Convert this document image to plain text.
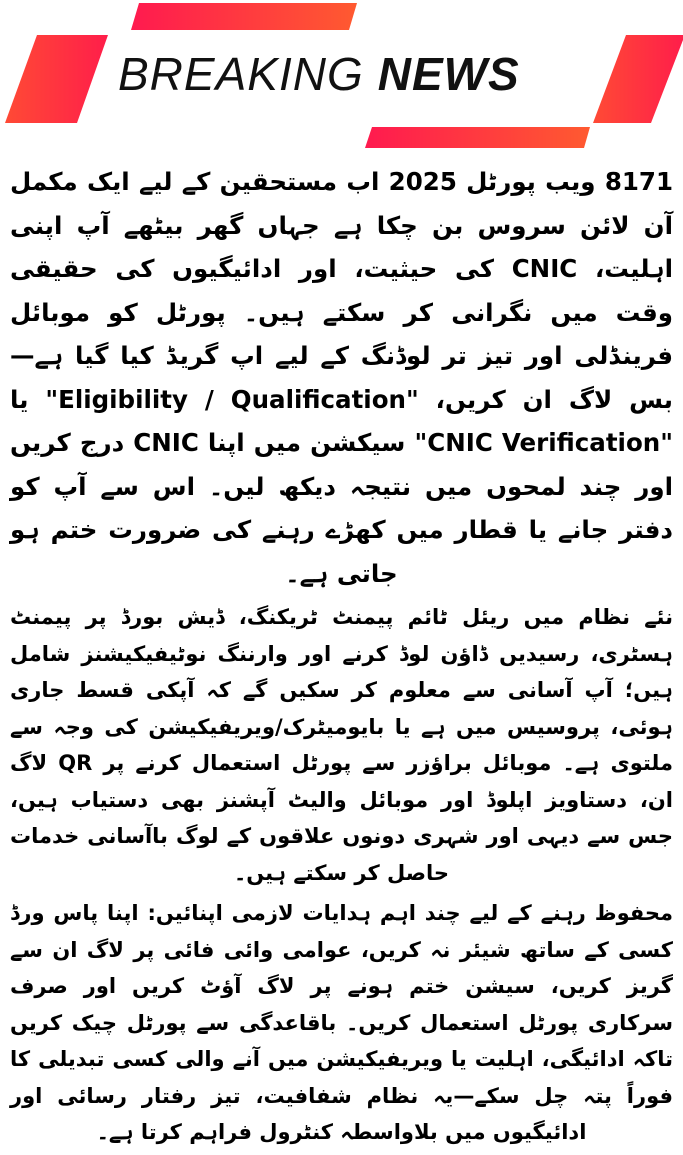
BREAKING NEWS

8171 ویب پورٹل 2025 اب مستحقین کے لیے ایک مکمل آن لائن سروس بن چکا ہے جہاں گھر بیٹھے آپ اپنی اہلیت، CNIC کی حیثیت، اور ادائیگیوں کی حقیقی وقت میں نگرانی کر سکتے ہیں۔ پورٹل کو موبائل فرینڈلی اور تیز تر لوڈنگ کے لیے اپ گریڈ کیا گیا ہے—بس لاگ ان کریں، "Eligibility / Qualification" یا "CNIC Verification" سیکشن میں اپنا CNIC درج کریں اور چند لمحوں میں نتیجہ دیکھ لیں۔ اس سے آپ کو دفتر جانے یا قطار میں کھڑے رہنے کی ضرورت ختم ہو جاتی ہے۔

نئے نظام میں ریئل ٹائم پیمنٹ ٹریکنگ، ڈیش بورڈ پر پیمنٹ ہسٹری، رسیدیں ڈاؤن لوڈ کرنے اور وارننگ نوٹیفیکیشنز شامل ہیں؛ آپ آسانی سے معلوم کر سکیں گے کہ آپکی قسط جاری ہوئی، پروسیس میں ہے یا بایومیٹرک/ویریفیکیشن کی وجہ سے ملتوی ہے۔ موبائل براؤزر سے پورٹل استعمال کرنے پر QR لاگ ان، دستاویز اپلوڈ اور موبائل والیٹ آپشنز بھی دستیاب ہیں، جس سے دیہی اور شہری دونوں علاقوں کے لوگ باآسانی خدمات حاصل کر سکتے ہیں۔

محفوظ رہنے کے لیے چند اہم ہدایات لازمی اپنائیں: اپنا پاس ورڈ کسی کے ساتھ شیئر نہ کریں، عوامی وائی فائی پر لاگ ان سے گریز کریں، سیشن ختم ہونے پر لاگ آؤٹ کریں اور صرف سرکاری پورٹل استعمال کریں۔ باقاعدگی سے پورٹل چیک کریں تاکہ ادائیگی، اہلیت یا ویریفیکیشن میں آنے والی کسی تبدیلی کا فوراً پتہ چل سکے—یہ نظام شفافیت، تیز رفتار رسائی اور ادائیگیوں میں بلاواسطہ کنٹرول فراہم کرتا ہے۔
